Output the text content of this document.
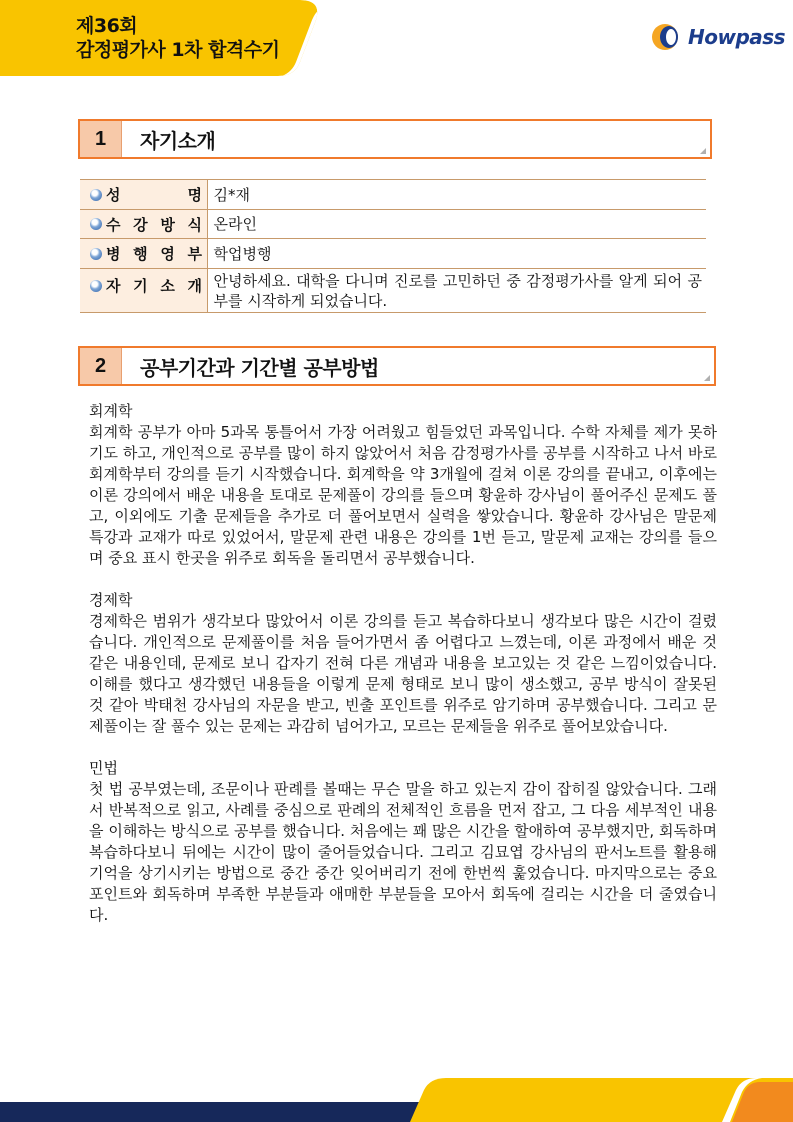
제36회
감정평가사 1차 합격수기
Howpass
1	자기소개
성 명	김*재

수 강 방 식	온라인

병 행 영 부	학업병행

자 기 소 개	안녕하세요. 대학을 다니며 진로를 고민하던 중 감정평가사를 알게 되어 공부를 시작하게 되었습니다.
2	공부기간과 기간별 공부방법
회계학
회계학 공부가 아마 5과목 통틀어서 가장 어려웠고 힘들었던 과목입니다. 수학 자체를 제가 못하기도 하고, 개인적으로 공부를 많이 하지 않았어서 처음 감정평가사를 공부를 시작하고 나서 바로 회계학부터 강의를 듣기 시작했습니다. 회계학을 약 3개월에 걸쳐 이론 강의를 끝내고, 이후에는 이론 강의에서 배운 내용을 토대로 문제풀이 강의를 들으며 황윤하 강사님이 풀어주신 문제도 풀고, 이외에도 기출 문제들을 추가로 더 풀어보면서 실력을 쌓았습니다. 황윤하 강사님은 말문제 특강과 교재가 따로 있었어서, 말문제 관련 내용은 강의를 1번 듣고, 말문제 교재는 강의를 들으며 중요 표시 한곳을 위주로 회독을 돌리면서 공부했습니다.
경제학
경제학은 범위가 생각보다 많았어서 이론 강의를 듣고 복습하다보니 생각보다 많은 시간이 걸렸습니다. 개인적으로 문제풀이를 처음 들어가면서 좀 어렵다고 느꼈는데, 이론 과정에서 배운 것 같은 내용인데, 문제로 보니 갑자기 전혀 다른 개념과 내용을 보고있는 것 같은 느낌이었습니다. 이해를 했다고 생각했던 내용들을 이렇게 문제 형태로 보니 많이 생소했고, 공부 방식이 잘못된 것 같아 박태천 강사님의 자문을 받고, 빈출 포인트를 위주로 암기하며 공부했습니다. 그리고 문제풀이는 잘 풀수 있는 문제는 과감히 넘어가고, 모르는 문제들을 위주로 풀어보았습니다.
민법
첫 법 공부였는데, 조문이나 판례를 볼때는 무슨 말을 하고 있는지 감이 잡히질 않았습니다. 그래서 반복적으로 읽고, 사례를 중심으로 판례의 전체적인 흐름을 먼저 잡고, 그 다음 세부적인 내용을 이해하는 방식으로 공부를 했습니다. 처음에는 꽤 많은 시간을 할애하여 공부했지만, 회독하며 복습하다보니 뒤에는 시간이 많이 줄어들었습니다. 그리고 김묘엽 강사님의 판서노트를 활용해 기억을 상기시키는 방법으로 중간 중간 잊어버리기 전에 한번씩 훑었습니다. 마지막으로는 중요 포인트와 회독하며 부족한 부분들과 애매한 부분들을 모아서 회독에 걸리는 시간을 더 줄였습니다.
